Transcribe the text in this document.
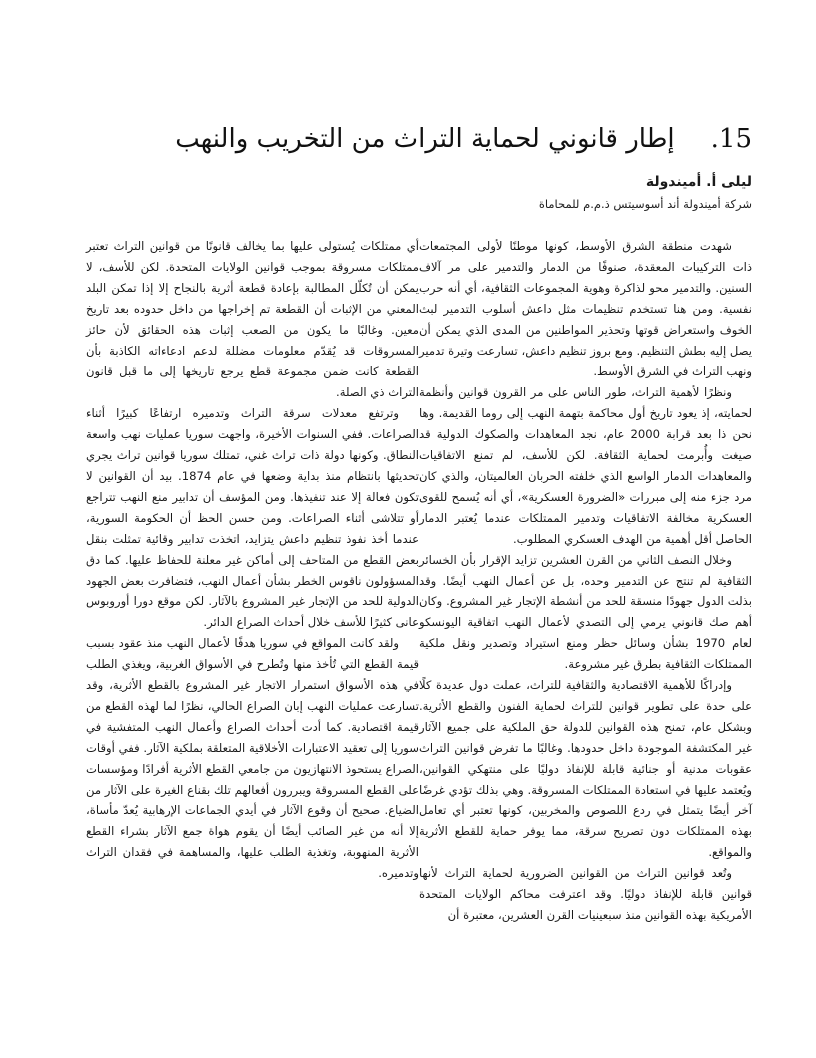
.15
إطار قانوني لحماية التراث من التخريب والنهب
ليلى أ. أميندولة
شركة أميندولة أند أسوسيتس ذ.م.م للمحاماة

شهدت منطقة الشرق الأوسط، كونها موطنًا لأولى المجتمعات ذات التركيبات المعقدة، صنوفًا من الدمار والتدمير على مر آلاف السنين. والتدمير محو لذاكرة وهوية المجموعات الثقافية، أي أنه حرب نفسية. ومن هنا تستخدم تنظيمات مثل داعش أسلوب التدمير لبث الخوف واستعراض قوتها وتحذير المواطنين من المدى الذي يمكن أن يصل إليه بطش التنظيم. ومع بروز تنظيم داعش، تسارعت وتيرة تدمير ونهب التراث في الشرق الأوسط.

ونظرًا لأهمية التراث، طور الناس على مر القرون قوانين وأنظمة لحمايته، إذ يعود تاريخ أول محاكمة بتهمة النهب إلى روما القديمة. وها نحن ذا بعد قرابة 2000 عام، نجد المعاهدات والصكوك الدولية قد صيغت وأُبرمت لحماية الثقافة. لكن للأسف، لم تمنع الاتفاقيات والمعاهدات الدمار الواسع الذي خلفته الحربان العالميتان، والذي كان مرد جزء منه إلى مبررات «الضرورة العسكرية»، أي أنه يُسمح للقوى العسكرية مخالفة الاتفاقيات وتدمير الممتلكات عندما يُعتبر الدمار الحاصل أقل أهمية من الهدف العسكري المطلوب.

وخلال النصف الثاني من القرن العشرين تزايد الإقرار بأن الخسائر الثقافية لم تنتج عن التدمير وحده، بل عن أعمال النهب أيضًا. وقد بذلت الدول جهودًا منسقة للحد من أنشطة الإتجار غير المشروع. وكان أهم صك قانوني يرمي إلى التصدي لأعمال النهب اتفاقية اليونسكو لعام 1970 بشأن وسائل حظر ومنع استيراد وتصدير ونقل ملكية الممتلكات الثقافية بطرق غير مشروعة.

وإدراكًا للأهمية الاقتصادية والثقافية للتراث، عملت دول عديدة كلًا على حدة على تطوير قوانين للتراث لحماية الفنون والقطع الأثرية. وبشكل عام، تمنح هذه القوانين للدولة حق الملكية على جميع الآثار غير المكتشفة الموجودة داخل حدودها. وغالبًا ما تفرض قوانين التراث عقوبات مدنية أو جنائية قابلة للإنفاذ دوليًا على منتهكي القوانين، ويُعتمد عليها في استعادة الممتلكات المسروقة. وهي بذلك تؤدي غرضًا آخر أيضًا يتمثل في ردع اللصوص والمخربين، كونها تعتبر أي تعامل بهذه الممتلكات دون تصريح سرقة، مما يوفر حماية للقطع الأثرية والمواقع.

وتُعد قوانين التراث من القوانين الضرورية لحماية التراث لأنها قوانين قابلة للإنفاذ دوليًا. وقد اعترفت محاكم الولايات المتحدة الأمريكية بهذه القوانين منذ سبعينيات القرن العشرين، معتبرة أن

أي ممتلكات يُستولى عليها بما يخالف قانونًا من قوانين التراث تعتبر ممتلكات مسروقة بموجب قوانين الولايات المتحدة. لكن للأسف، لا يمكن أن تُكلّل المطالبة بإعادة قطعة أثرية بالنجاح إلا إذا تمكن البلد المعني من الإثبات أن القطعة تم إخراجها من داخل حدوده بعد تاريخ معين. وغالبًا ما يكون من الصعب إثبات هذه الحقائق لأن حائز المسروقات قد يُقدّم معلومات مضللة لدعم ادعاءاته الكاذبة بأن القطعة كانت ضمن مجموعة قطع يرجع تاريخها إلى ما قبل قانون التراث ذي الصلة.

وترتفع معدلات سرقة التراث وتدميره ارتفاعًا كبيرًا أثناء الصراعات. ففي السنوات الأخيرة، واجهت سوريا عمليات نهب واسعة النطاق. وكونها دولة ذات تراث غني، تمتلك سوريا قوانين تراث يجري تحديثها بانتظام منذ بداية وضعها في عام 1874. بيد أن القوانين لا تكون فعالة إلا عند تنفيذها. ومن المؤسف أن تدابير منع النهب تتراجع أو تتلاشى أثناء الصراعات. ومن حسن الحظ أن الحكومة السورية، عندما أخذ نفوذ تنظيم داعش يتزايد، اتخذت تدابير وقائية تمثلت بنقل بعض القطع من المتاحف إلى أماكن غير معلنة للحفاظ عليها. كما دق المسؤولون ناقوس الخطر بشأن أعمال النهب، فتضافرت بعض الجهود الدولية للحد من الإتجار غير المشروع بالآثار. لكن موقع دورا أوروبوس عانى كثيرًا للأسف خلال أحداث الصراع الدائر.

ولقد كانت المواقع في سوريا هدفًا لأعمال النهب منذ عقود بسبب قيمة القطع التي تُأخذ منها وتُطرح في الأسواق الغربية، ويغذي الطلب في هذه الأسواق استمرار الاتجار غير المشروع بالقطع الأثرية، وقد تسارعت عمليات النهب إبان الصراع الحالي، نظرًا لما لهذه القطع من قيمة اقتصادية. كما أدت أحداث الصراع وأعمال النهب المتفشية في سوريا إلى تعقيد الاعتبارات الأخلاقية المتعلقة بملكية الآثار. ففي أوقات الصراع يستحوذ الانتهازيون من جامعي القطع الأثرية أفرادًا ومؤسسات على القطع المسروقة ويبررون أفعالهم تلك بقناع الغيرة على الآثار من الضياع. صحيح أن وقوع الآثار في أيدي الجماعات الإرهابية يُعدّ مأساة، إلا أنه من غير الصائب أيضًا أن يقوم هواة جمع الآثار بشراء القطع الأثرية المنهوبة، وتغذية الطلب عليها، والمساهمة في فقدان التراث وتدميره.
